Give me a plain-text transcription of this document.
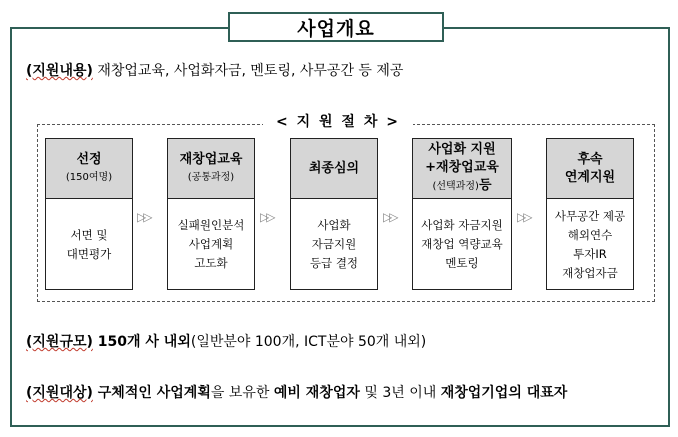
사업개요
(지원내용) 재창업교육, 사업화자금, 멘토링, 사무공간 등 제공
< 지 원 절 차 >
선정
(150여명)
서면 및
대면평가
▷▷
재창업교육
(공통과정)
실패원인분석
사업계획
고도화
▷▷
최종심의
사업화
자금지원
등급 결정
▷▷
사업화 지원
+재창업교육
(선택과정)등
사업화 자금지원
재창업 역량교육
멘토링
▷▷
후속
연계지원
사무공간 제공
해외연수
투자IR
재창업자금
(지원규모) 150개 사 내외(일반분야 100개, ICT분야 50개 내외)
(지원대상) 구체적인 사업계획을 보유한 예비 재창업자 및 3년 이내 재창업기업의 대표자
